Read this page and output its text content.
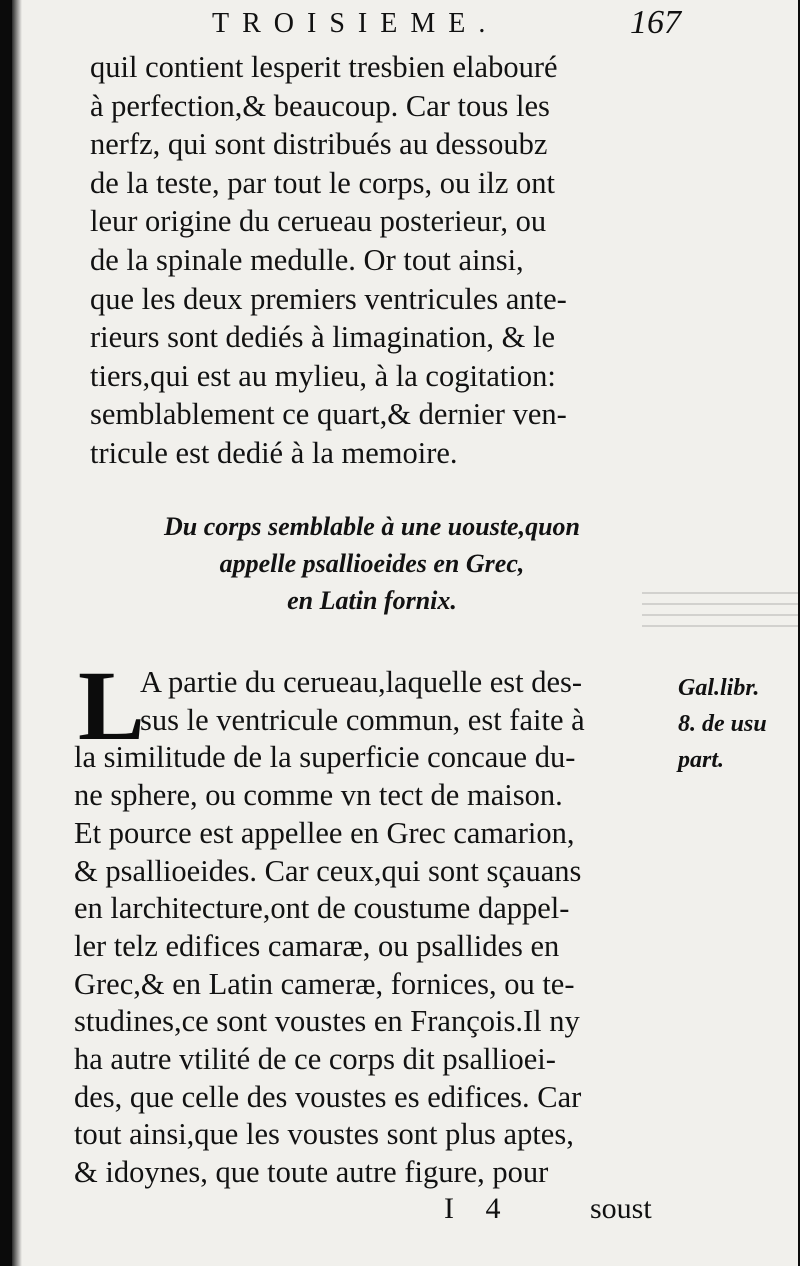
TROISIEME.	167
quil contient lesperit tresbien elabouré
à perfection,& beaucoup. Car tous les
nerfz, qui sont distribués au dessoubz
de la teste, par tout le corps, ou ilz ont
leur origine du cerueau posterieur, ou
de la spinale medulle. Or tout ainsi,
que les deux premiers ventricules ante-
rieurs sont dediés à limagination, & le
tiers,qui est au mylieu, à la cogitation:
semblablement ce quart,& dernier ven-
tricule est dedié à la memoire.
Du corps semblable à une uouste,quon
appelle psallioeides en Grec,
en Latin fornix.
L
A partie du cerueau,laquelle est des-
sus le ventricule commun, est faite à
la similitude de la superficie concaue du-
ne sphere, ou comme vn tect de maison.
Et pource est appellee en Grec camarion,
& psallioeides. Car ceux,qui sont sçauans
en larchitecture,ont de coustume dappel-
ler telz edifices camaræ, ou psallides en
Grec,& en Latin cameræ, fornices, ou te-
studines,ce sont voustes en François.Il ny
ha autre vtilité de ce corps dit psallioei-
des, que celle des voustes es edifices. Car
tout ainsi,que les voustes sont plus aptes,
& idoynes, que toute autre figure, pour
Gal.libr.
8. de usu
part.
I 4	soust
